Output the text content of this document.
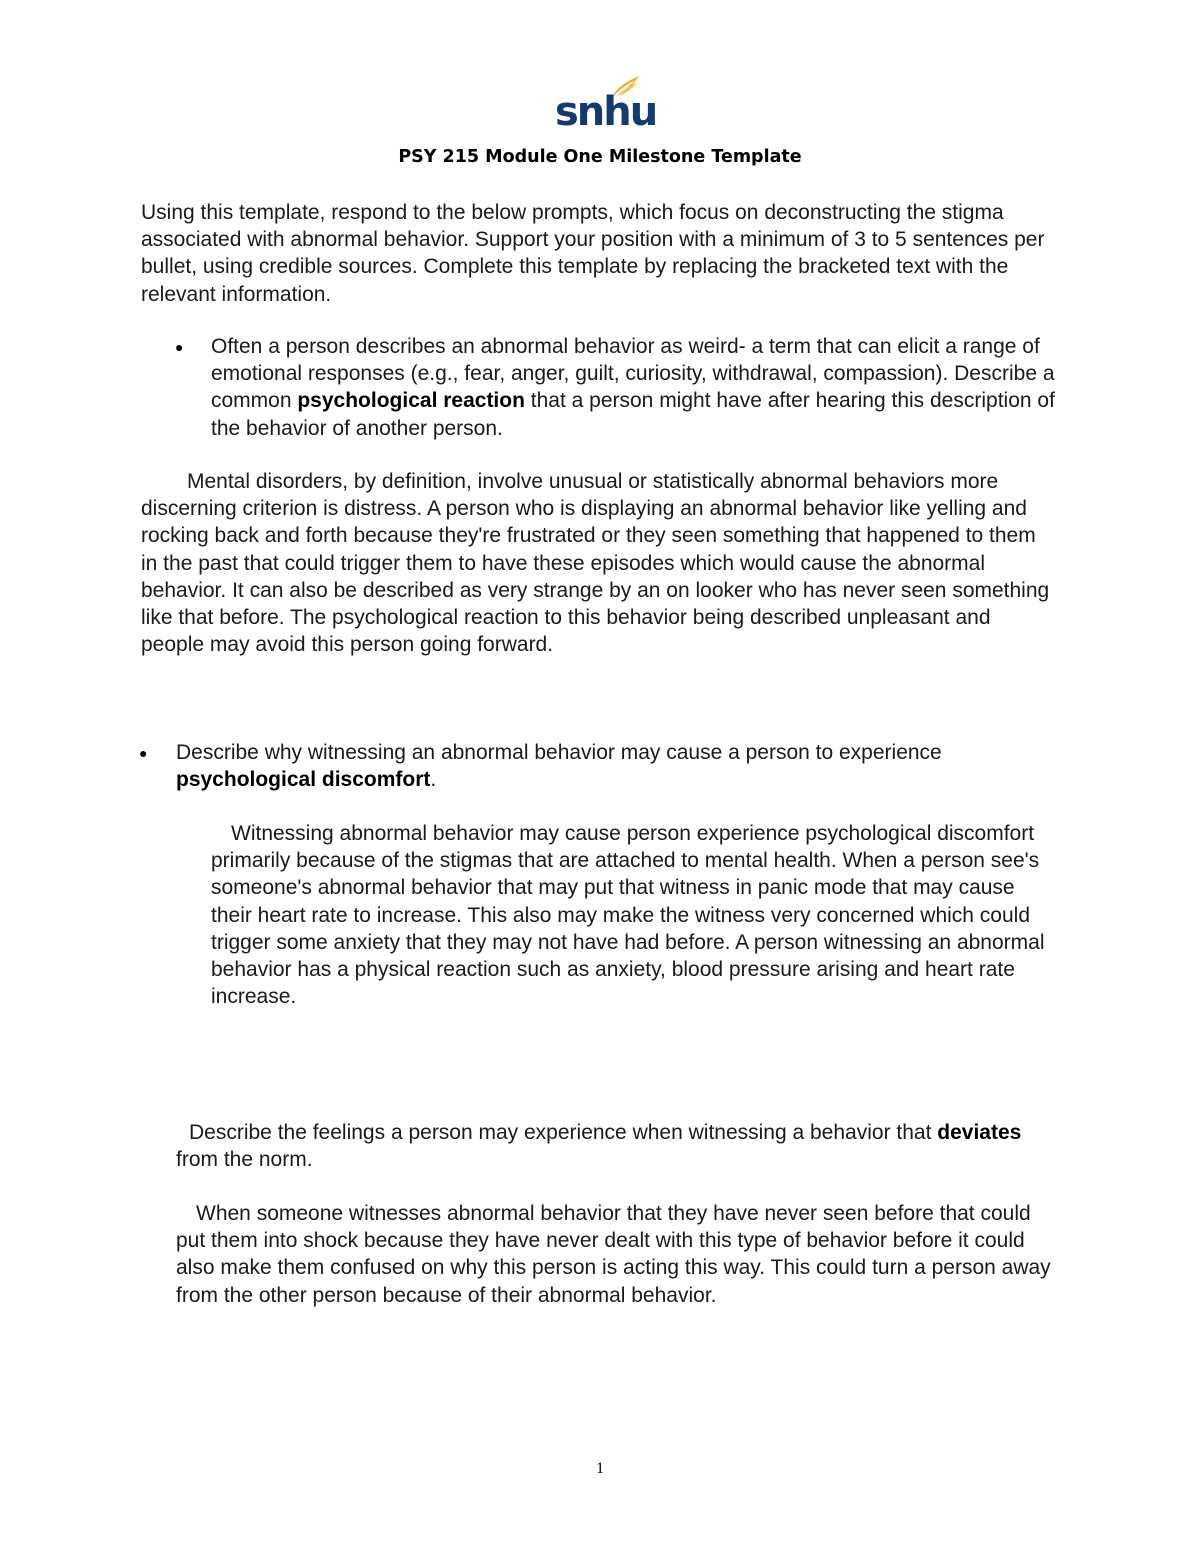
snhu
PSY 215 Module One Milestone Template

Using this template, respond to the below prompts, which focus on deconstructing the stigma associated with abnormal behavior. Support your position with a minimum of 3 to 5 sentences per bullet, using credible sources. Complete this template by replacing the bracketed text with the relevant information.

● Often a person describes an abnormal behavior as weird- a term that can elicit a range of emotional responses (e.g., fear, anger, guilt, curiosity, withdrawal, compassion). Describe a common psychological reaction that a person might have after hearing this description of the behavior of another person.

Mental disorders, by definition, involve unusual or statistically abnormal behaviors more discerning criterion is distress. A person who is displaying an abnormal behavior like yelling and rocking back and forth because they're frustrated or they seen something that happened to them in the past that could trigger them to have these episodes which would cause the abnormal behavior. It can also be described as very strange by an on looker who has never seen something like that before. The psychological reaction to this behavior being described unpleasant and people may avoid this person going forward.

● Describe why witnessing an abnormal behavior may cause a person to experience psychological discomfort.

Witnessing abnormal behavior may cause person experience psychological discomfort primarily because of the stigmas that are attached to mental health. When a person see's someone's abnormal behavior that may put that witness in panic mode that may cause their heart rate to increase. This also may make the witness very concerned which could trigger some anxiety that they may not have had before. A person witnessing an abnormal behavior has a physical reaction such as anxiety, blood pressure arising and heart rate increase.

Describe the feelings a person may experience when witnessing a behavior that deviates from the norm.

When someone witnesses abnormal behavior that they have never seen before that could put them into shock because they have never dealt with this type of behavior before it could also make them confused on why this person is acting this way. This could turn a person away from the other person because of their abnormal behavior.

1
